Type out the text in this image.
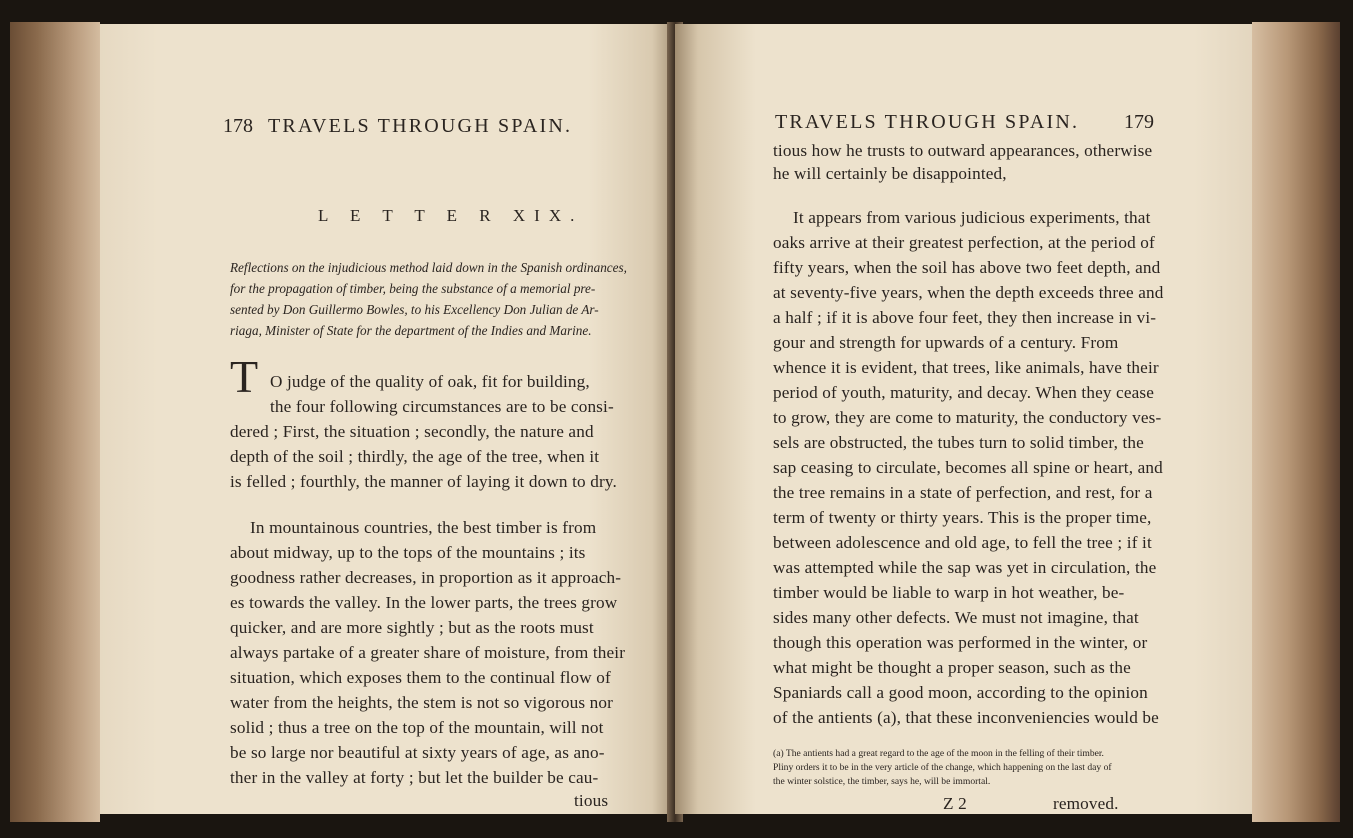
178 TRAVELS THROUGH SPAIN.
L E T T E R XIX.
Reflections on the injudicious method laid down in the Spanish ordinances,
for the propagation of timber, being the substance of a memorial pre-
sented by Don Guillermo Bowles, to his Excellency Don Julian de Ar-
riaga, Minister of State for the department of the Indies and Marine.
T O judge of the quality of oak, fit for building,
the four following circumstances are to be consi-
dered ; First, the situation ; secondly, the nature and
depth of the soil ; thirdly, the age of the tree, when it
is felled ; fourthly, the manner of laying it down to dry.
In mountainous countries, the best timber is from
about midway, up to the tops of the mountains ; its
goodness rather decreases, in proportion as it approach-
es towards the valley. In the lower parts, the trees grow
quicker, and are more sightly ; but as the roots must
always partake of a greater share of moisture, from their
situation, which exposes them to the continual flow of
water from the heights, the stem is not so vigorous nor
solid ; thus a tree on the top of the mountain, will not
be so large nor beautiful at sixty years of age, as ano-
ther in the valley at forty ; but let the builder be cau-
tious
TRAVELS THROUGH SPAIN. 179
tious how he trusts to outward appearances, otherwise
he will certainly be disappointed,
It appears from various judicious experiments, that
oaks arrive at their greatest perfection, at the period of
fifty years, when the soil has above two feet depth, and
at seventy-five years, when the depth exceeds three and
a half ; if it is above four feet, they then increase in vi-
gour and strength for upwards of a century. From
whence it is evident, that trees, like animals, have their
period of youth, maturity, and decay. When they cease
to grow, they are come to maturity, the conductory ves-
sels are obstructed, the tubes turn to solid timber, the
sap ceasing to circulate, becomes all spine or heart, and
the tree remains in a state of perfection, and rest, for a
term of twenty or thirty years. This is the proper time,
between adolescence and old age, to fell the tree ; if it
was attempted while the sap was yet in circulation, the
timber would be liable to warp in hot weather, be-
sides many other defects. We must not imagine, that
though this operation was performed in the winter, or
what might be thought a proper season, such as the
Spaniards call a good moon, according to the opinion
of the antients (a), that these inconveniencies would be
(a) The antients had a great regard to the age of the moon in the felling of their timber.
Pliny orders it to be in the very article of the change, which happening on the last day of
the winter solstice, the timber, says he, will be immortal.
Z 2	removed.
